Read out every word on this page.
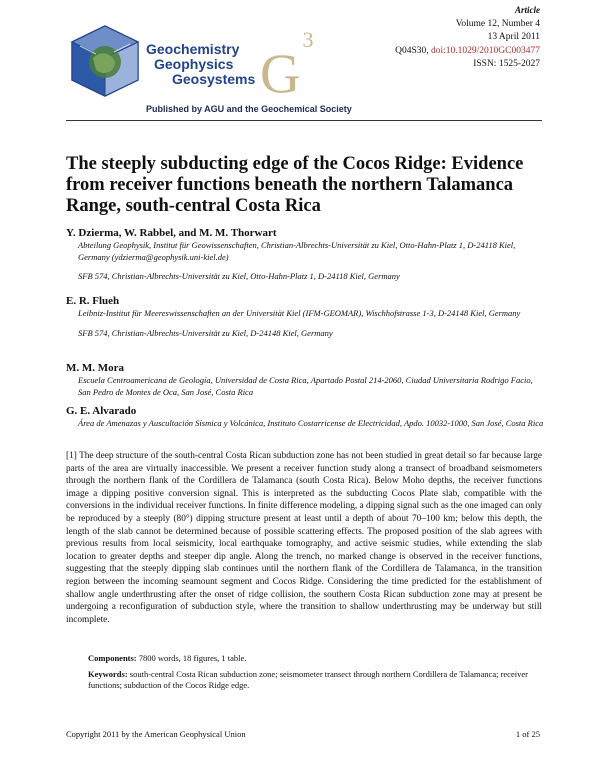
Geochemistry
Geophysics
Geosystems $G^3$
Published by AGU and the Geochemical Society
Article
Volume 12, Number 4
13 April 2011
Q04S30, doi:10.1029/2010GC003477
ISSN: 1525-2027
The steeply subducting edge of the Cocos Ridge: Evidence from receiver functions beneath the northern Talamanca Range, south-central Costa Rica
Y. Dzierma, W. Rabbel, and M. M. Thorwart
Abteilung Geophysik, Institut für Geowissenschaften, Christian-Albrechts-Universität zu Kiel, Otto-Hahn-Platz 1, D-24118 Kiel, Germany (ydzierma@geophysik.uni-kiel.de)
SFB 574, Christian-Albrechts-Universität zu Kiel, Otto-Hahn-Platz 1, D-24118 Kiel, Germany
E. R. Flueh
Leibniz-Institut für Meereswissenschaften an der Universität Kiel (IFM-GEOMAR), Wischhofstrasse 1-3, D-24148 Kiel, Germany
SFB 574, Christian-Albrechts-Universität zu Kiel, D-24148 Kiel, Germany
M. M. Mora
Escuela Centroamericana de Geología, Universidad de Costa Rica, Apartado Postal 214-2060, Ciudad Universitaria Rodrigo Facio, San Pedro de Montes de Oca, San José, Costa Rica
G. E. Alvarado
Área de Amenazas y Auscultación Sísmica y Volcánica, Instituto Costarricense de Electricidad, Apdo. 10032-1000, San José, Costa Rica
[1] The deep structure of the south-central Costa Rican subduction zone has not been studied in great detail so far because large parts of the area are virtually inaccessible. We present a receiver function study along a transect of broadband seismometers through the northern flank of the Cordillera de Talamanca (south Costa Rica). Below Moho depths, the receiver functions image a dipping positive conversion signal. This is interpreted as the subducting Cocos Plate slab, compatible with the conversions in the individual receiver functions. In finite difference modeling, a dipping signal such as the one imaged can only be reproduced by a steeply (80°) dipping structure present at least until a depth of about 70–100 km; below this depth, the length of the slab cannot be determined because of possible scattering effects. The proposed position of the slab agrees with previous results from local seismicity, local earthquake tomography, and active seismic studies, while extending the slab location to greater depths and steeper dip angle. Along the trench, no marked change is observed in the receiver functions, suggesting that the steeply dipping slab continues until the northern flank of the Cordillera de Talamanca, in the transition region between the incoming seamount segment and Cocos Ridge. Considering the time predicted for the establishment of shallow angle underthrusting after the onset of ridge collision, the southern Costa Rican subduction zone may at present be undergoing a reconfiguration of subduction style, where the transition to shallow underthrusting may be underway but still incomplete.
Components: 7800 words, 18 figures, 1 table.
Keywords: south-central Costa Rican subduction zone; seismometer transect through northern Cordillera de Talamanca; receiver functions; subduction of the Cocos Ridge edge.
Copyright 2011 by the American Geophysical Union	1 of 25
